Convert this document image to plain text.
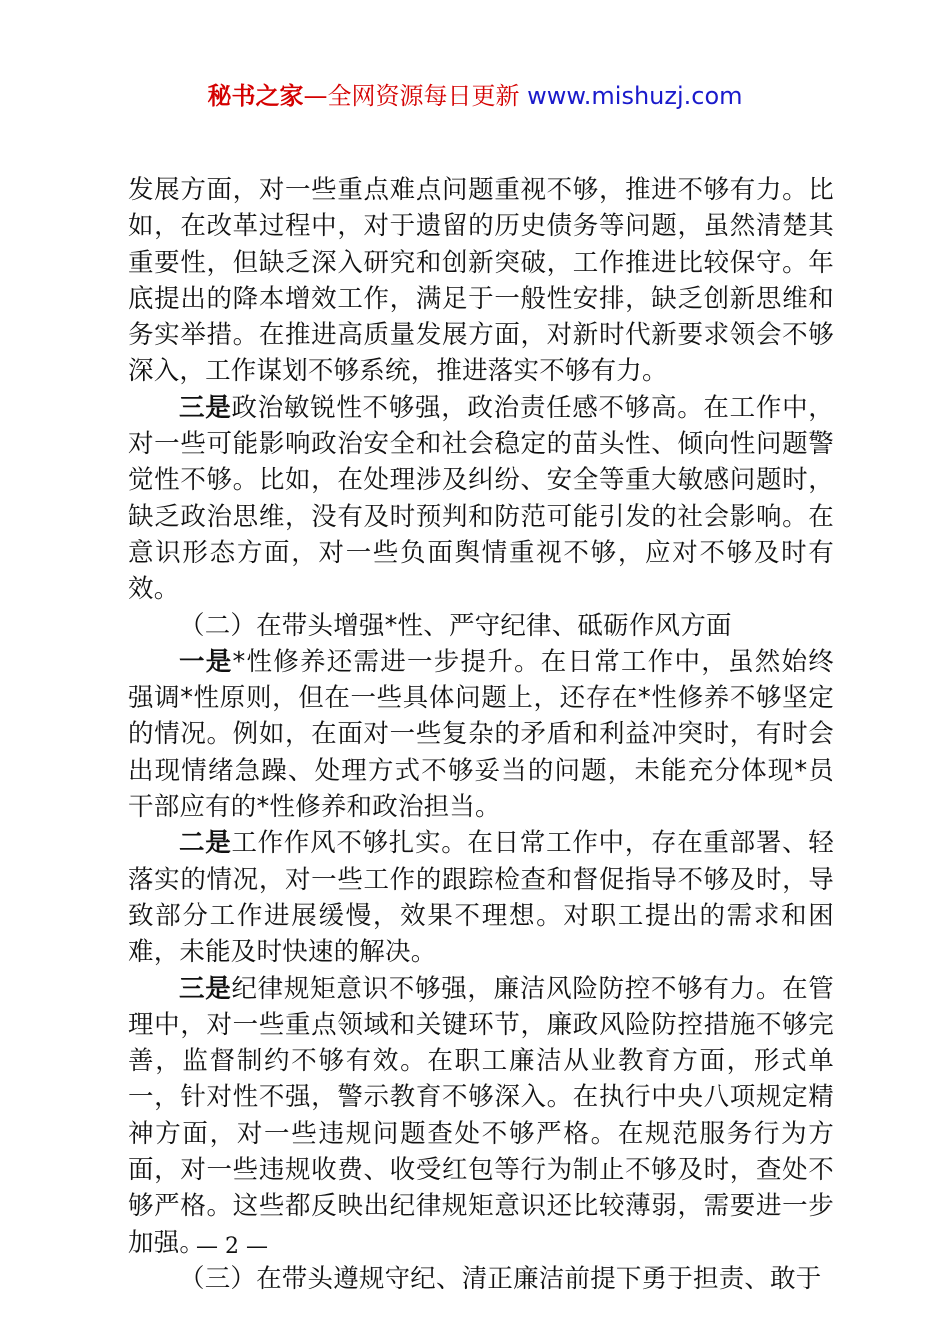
秘书之家—全网资源每日更新 www.mishuzj.com

发展方面，对一些重点难点问题重视不够，推进不够有力。比如，在改革过程中，对于遗留的历史债务等问题，虽然清楚其重要性，但缺乏深入研究和创新突破，工作推进比较保守。年底提出的降本增效工作，满足于一般性安排，缺乏创新思维和务实举措。在推进高质量发展方面，对新时代新要求领会不够深入，工作谋划不够系统，推进落实不够有力。

三是政治敏锐性不够强，政治责任感不够高。在工作中，对一些可能影响政治安全和社会稳定的苗头性、倾向性问题警觉性不够。比如，在处理涉及纠纷、安全等重大敏感问题时，缺乏政治思维，没有及时预判和防范可能引发的社会影响。在意识形态方面，对一些负面舆情重视不够，应对不够及时有效。

（二）在带头增强*性、严守纪律、砥砺作风方面

一是*性修养还需进一步提升。在日常工作中，虽然始终强调*性原则，但在一些具体问题上，还存在*性修养不够坚定的情况。例如，在面对一些复杂的矛盾和利益冲突时，有时会出现情绪急躁、处理方式不够妥当的问题，未能充分体现*员干部应有的*性修养和政治担当。

二是工作作风不够扎实。在日常工作中，存在重部署、轻落实的情况，对一些工作的跟踪检查和督促指导不够及时，导致部分工作进展缓慢，效果不理想。对职工提出的需求和困难，未能及时快速的解决。

三是纪律规矩意识不够强，廉洁风险防控不够有力。在管理中，对一些重点领域和关键环节，廉政风险防控措施不够完善，监督制约不够有效。在职工廉洁从业教育方面，形式单一，针对性不强，警示教育不够深入。在执行中央八项规定精神方面，对一些违规问题查处不够严格。在规范服务行为方面，对一些违规收费、收受红包等行为制止不够及时，查处不够严格。这些都反映出纪律规矩意识还比较薄弱，需要进一步加强。

（三）在带头遵规守纪、清正廉洁前提下勇于担责、敢于

— 2 —
